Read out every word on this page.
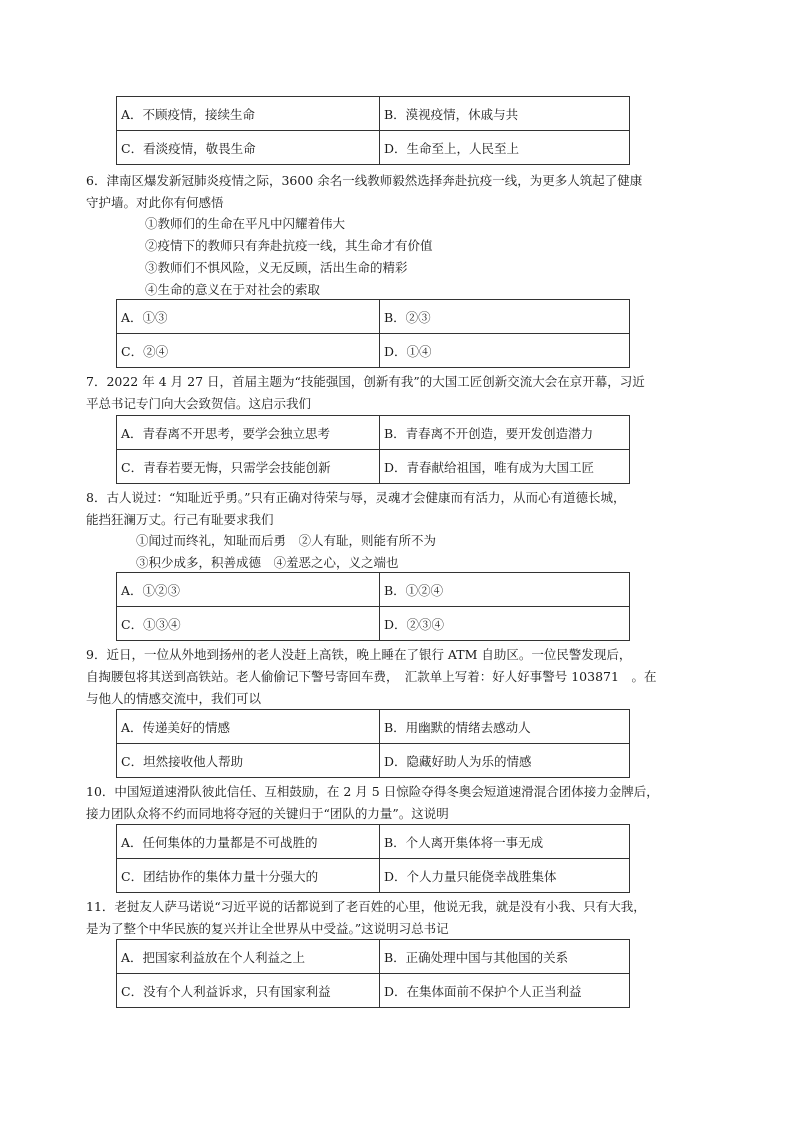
A．不顾疫情，接续生命	B．漠视疫情，休戚与共
C．看淡疫情，敬畏生命	D．生命至上，人民至上

6．津南区爆发新冠肺炎疫情之际，3600 余名一线教师毅然选择奔赴抗疫一线，为更多人筑起了健康

守护墙。对此你有何感悟

①教师们的生命在平凡中闪耀着伟大
②疫情下的教师只有奔赴抗疫一线，其生命才有价值
③教师们不惧风险，义无反顾，活出生命的精彩
④生命的意义在于对社会的索取
A．①③	B．②③
C．②④	D．①④

7．2022 年 4 月 27 日，首届主题为“技能强国，创新有我”的大国工匠创新交流大会在京开幕，习近

平总书记专门向大会致贺信。这启示我们

A．青春离不开思考，要学会独立思考	B．青春离不开创造，要开发创造潜力
C．青春若要无悔，只需学会技能创新	D．青春献给祖国，唯有成为大国工匠

8．古人说过：“知耻近乎勇。”只有正确对待荣与辱，灵魂才会健康而有活力，从而心有道德长城，

能挡狂澜万丈。行己有耻要求我们

①闻过而终礼，知耻而后勇　②人有耻，则能有所不为
③积少成多，积善成德　④羞恶之心，义之端也
A．①②③	B．①②④
C．①③④	D．②③④

9．近日，一位从外地到扬州的老人没赶上高铁，晚上睡在了银行 ATM 自助区。一位民警发现后，

自掏腰包将其送到高铁站。老人偷偷记下警号寄回车费，　汇款单上写着：好人好事警号 103871　。在

与他人的情感交流中，我们可以

A．传递美好的情感	B．用幽默的情绪去感动人
C．坦然接收他人帮助	D．隐藏好助人为乐的情感

10．中国短道速滑队彼此信任、互相鼓励，在 2 月 5 日惊险夺得冬奥会短道速滑混合团体接力金牌后，

接力团队众将不约而同地将夺冠的关键归于“团队的力量”。这说明

A．任何集体的力量都是不可战胜的	B．个人离开集体将一事无成
C．团结协作的集体力量十分强大的	D．个人力量只能侥幸战胜集体

11．老挝友人萨马诺说“习近平说的话都说到了老百姓的心里，他说无我，就是没有小我、只有大我，

是为了整个中华民族的复兴并让全世界从中受益。”这说明习总书记

A．把国家利益放在个人利益之上	B．正确处理中国与其他国的关系
C．没有个人利益诉求，只有国家利益	D．在集体面前不保护个人正当利益
